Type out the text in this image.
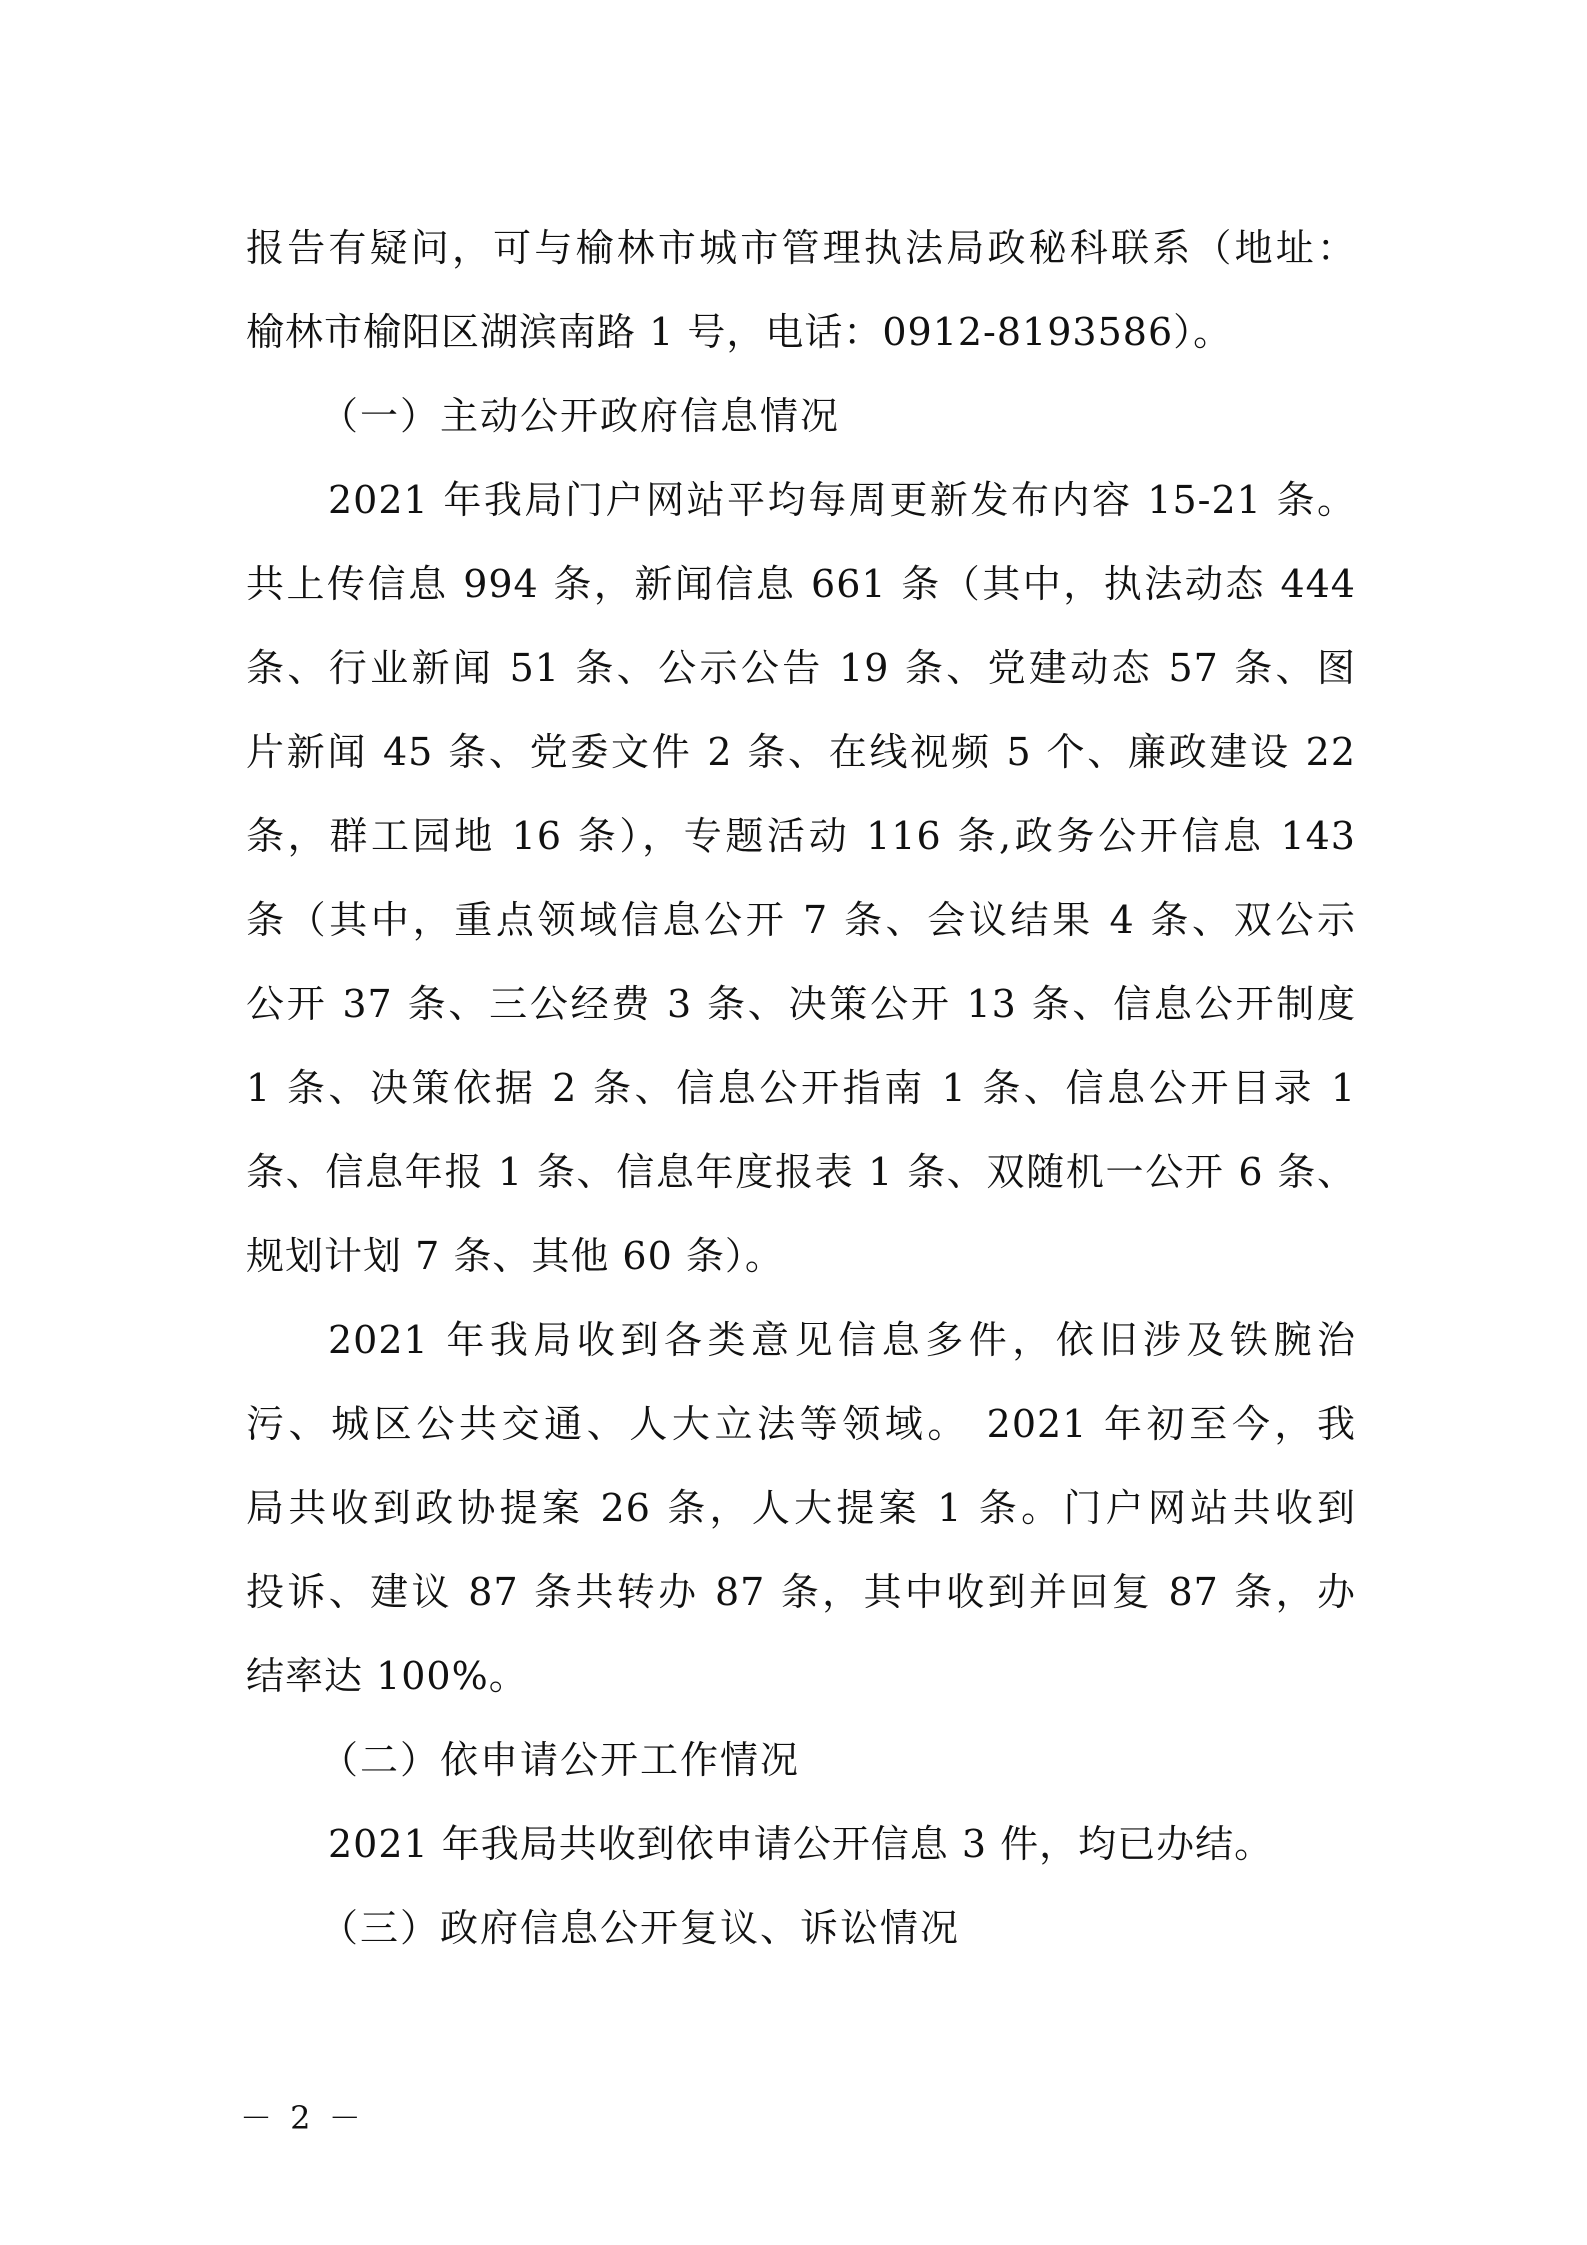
报告有疑问，可与榆林市城市管理执法局政秘科联系（地址：
榆林市榆阳区湖滨南路 1 号，电话：0912-8193586）。
（一）主动公开政府信息情况
2021 年我局门户网站平均每周更新发布内容 15-21 条。
共上传信息 994 条，新闻信息 661 条（其中，执法动态 444
条、行业新闻 51 条、公示公告 19 条、党建动态 57 条、图
片新闻 45 条、党委文件 2 条、在线视频 5 个、廉政建设 22
条，群工园地 16 条），专题活动 116 条,政务公开信息 143
条（其中，重点领域信息公开 7 条、会议结果 4 条、双公示
公开 37 条、三公经费 3 条、决策公开 13 条、信息公开制度
1 条、决策依据 2 条、信息公开指南 1 条、信息公开目录 1
条、信息年报 1 条、信息年度报表 1 条、双随机一公开 6 条、
规划计划 7 条、其他 60 条）。
2021 年我局收到各类意见信息多件，依旧涉及铁腕治
污、城区公共交通、人大立法等领域。 2021 年初至今，我
局共收到政协提案 26 条，人大提案 1 条。门户网站共收到
投诉、建议 87 条共转办 87 条，其中收到并回复 87 条，办
结率达 100%。
（二）依申请公开工作情况
2021 年我局共收到依申请公开信息 3 件，均已办结。
（三）政府信息公开复议、诉讼情况
－ 2 －
